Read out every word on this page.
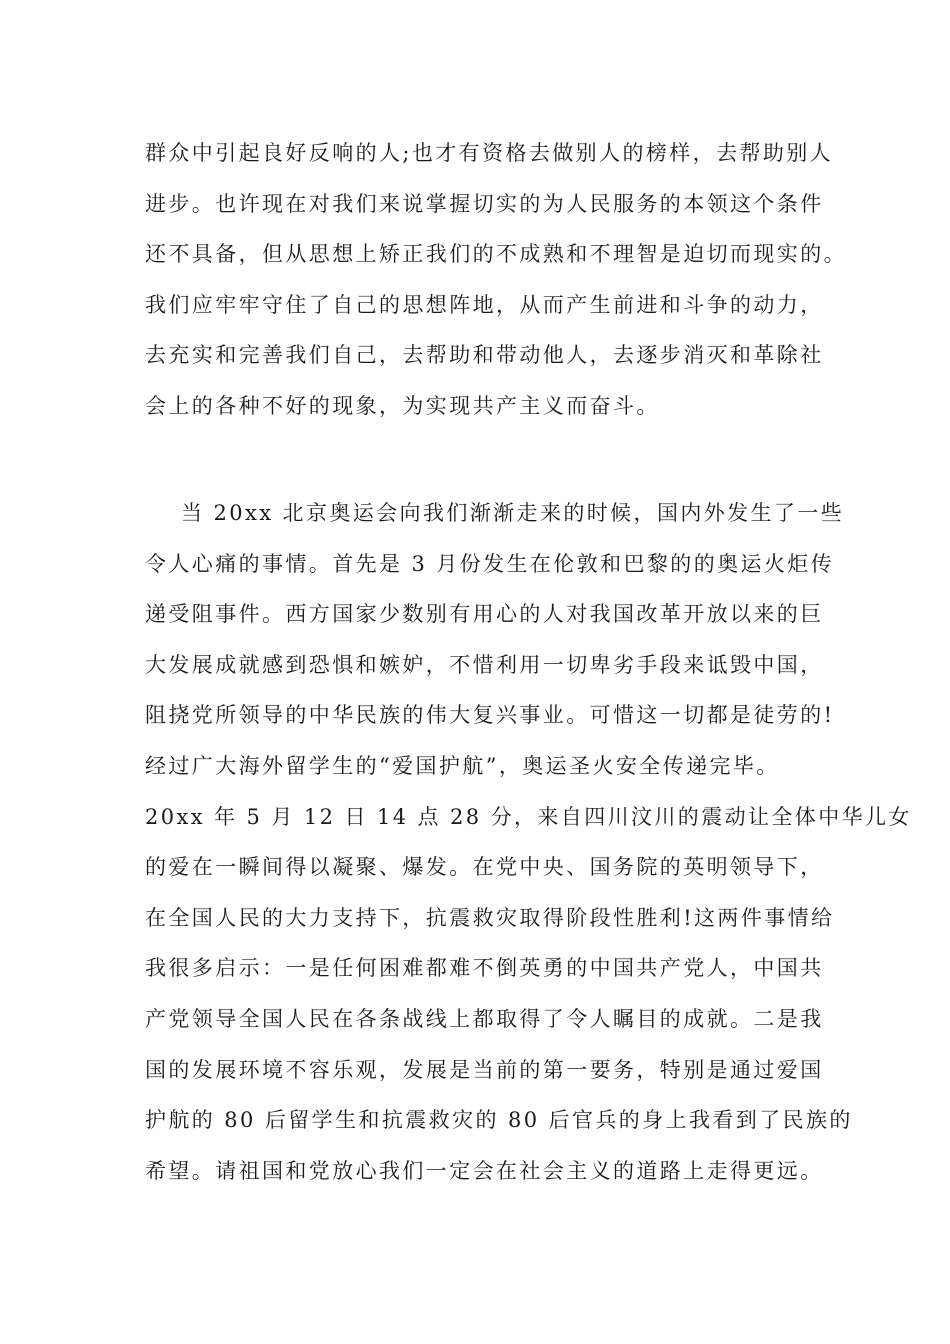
群众中引起良好反响的人;也才有资格去做别人的榜样，去帮助别人
进步。也许现在对我们来说掌握切实的为人民服务的本领这个条件
还不具备，但从思想上矫正我们的不成熟和不理智是迫切而现实的。
我们应牢牢守住了自己的思想阵地，从而产生前进和斗争的动力，
去充实和完善我们自己，去帮助和带动他人，去逐步消灭和革除社
会上的各种不好的现象，为实现共产主义而奋斗。
当 20xx 北京奥运会向我们渐渐走来的时候，国内外发生了一些
令人心痛的事情。首先是 3 月份发生在伦敦和巴黎的的奥运火炬传
递受阻事件。西方国家少数别有用心的人对我国改革开放以来的巨
大发展成就感到恐惧和嫉妒，不惜利用一切卑劣手段来诋毁中国，
阻挠党所领导的中华民族的伟大复兴事业。可惜这一切都是徒劳的!
经过广大海外留学生的“爱国护航”，奥运圣火安全传递完毕。
20xx 年 5 月 12 日 14 点 28 分，来自四川汶川的震动让全体中华儿女
的爱在一瞬间得以凝聚、爆发。在党中央、国务院的英明领导下，
在全国人民的大力支持下，抗震救灾取得阶段性胜利!这两件事情给
我很多启示：一是任何困难都难不倒英勇的中国共产党人，中国共
产党领导全国人民在各条战线上都取得了令人瞩目的成就。二是我
国的发展环境不容乐观，发展是当前的第一要务，特别是通过爱国
护航的 80 后留学生和抗震救灾的 80 后官兵的身上我看到了民族的
希望。请祖国和党放心我们一定会在社会主义的道路上走得更远。
